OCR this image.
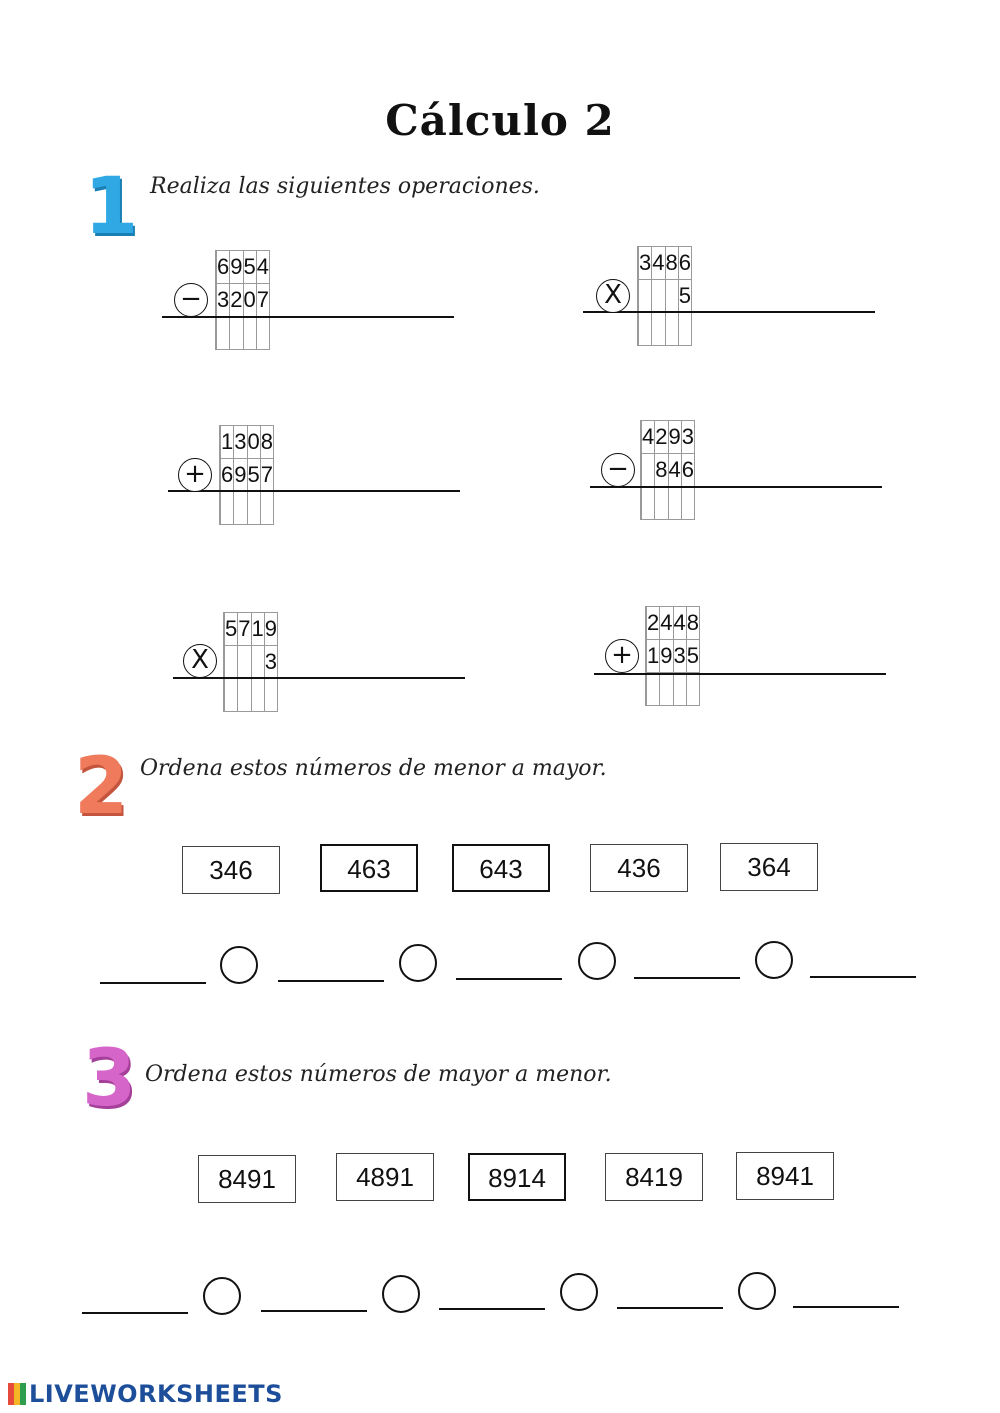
Cálculo 2
1 Realiza las siguientes operaciones.
	6	9	5	4
	3	2	0	7

−
	3	4	8	6
				5

X
	1	3	0	8
	6	9	5	7

+
	4	2	9	3
		8	4	6

−
	5	7	1	9
				3

X
	2	4	4	8
	1	9	3	5

+
2 Ordena estos números de menor a mayor.
346	463	643	436	364
3 Ordena estos números de mayor a menor.
8491	4891	8914	8419	8941
LIVEWORKSHEETS
